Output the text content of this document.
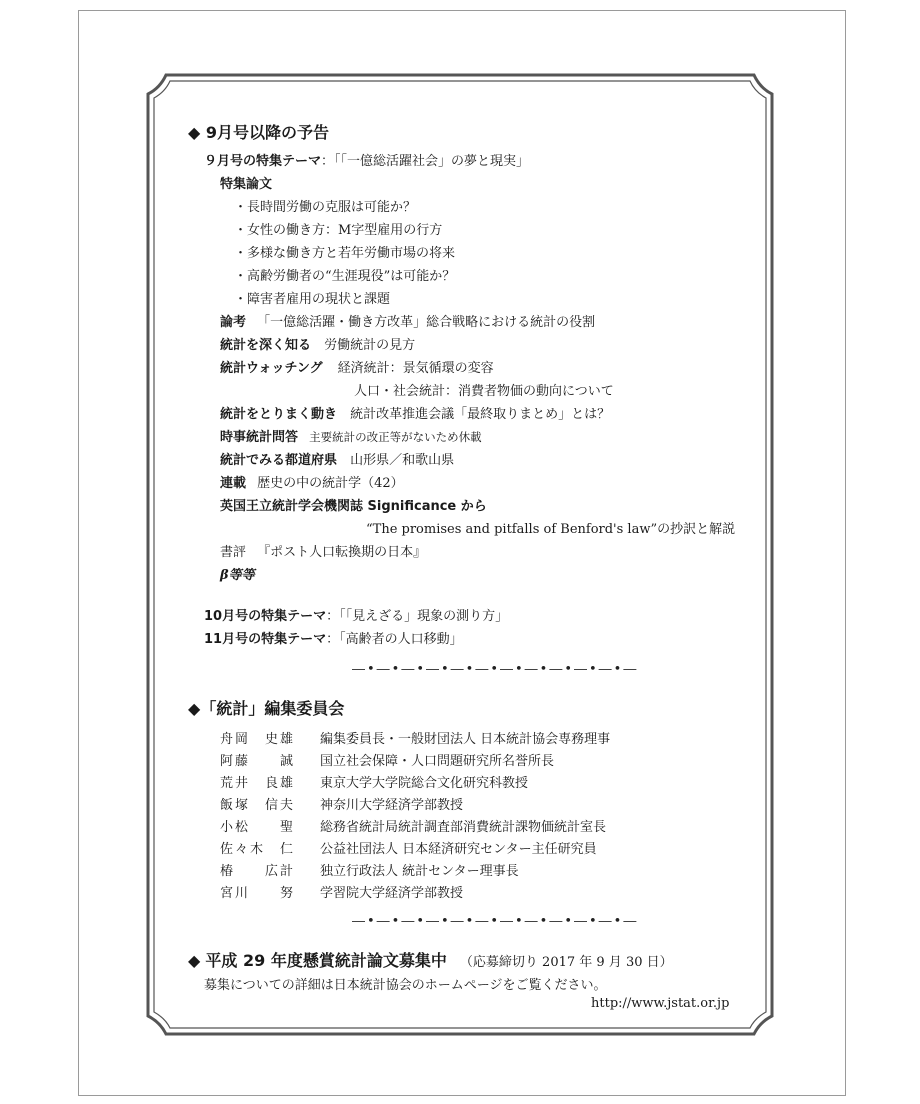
◆ 9月号以降の予告
９月号の特集テーマ：「「一億総活躍社会」の夢と現実」
特集論文
・長時間労働の克服は可能か？
・女性の働き方：M字型雇用の行方
・多様な働き方と若年労働市場の将来
・高齢労働者の“生涯現役”は可能か？
・障害者雇用の現状と課題
論考 「一億総活躍・働き方改革」総合戦略における統計の役割
統計を深く知る 労働統計の見方
統計ウォッチング 経済統計：景気循環の変容
人口・社会統計：消費者物価の動向について
統計をとりまく動き 統計改革推進会議「最終取りまとめ」とは？
時事統計問答 主要統計の改正等がないため休載
統計でみる都道府県 山形県／和歌山県
連載 歴史の中の統計学（42）
英国王立統計学会機関誌 Significance から
“The promises and pitfalls of Benford's law”の抄訳と解説
書評 『ポスト人口転換期の日本』
β等等
10月号の特集テーマ：「「見えざる」現象の測り方」
11月号の特集テーマ：「高齢者の人口移動」
―•―•―•―•―•―•―•―•―•―•―•―
◆「統計」編集委員会
舟岡　史雄 編集委員長・一般財団法人 日本統計協会専務理事
阿藤　　誠 国立社会保障・人口問題研究所名誉所長
荒井　良雄 東京大学大学院総合文化研究科教授
飯塚　信夫 神奈川大学経済学部教授
小松　　聖 総務省統計局統計調査部消費統計課物価統計室長
佐々木　仁 公益社団法人 日本経済研究センター主任研究員
椿　　広計 独立行政法人 統計センター理事長
宮川　　努 学習院大学経済学部教授
―•―•―•―•―•―•―•―•―•―•―•―
◆ 平成 29 年度懸賞統計論文募集中 （応募締切り 2017 年 9 月 30 日）
募集についての詳細は日本統計協会のホームページをご覧ください。
http://www.jstat.or.jp
